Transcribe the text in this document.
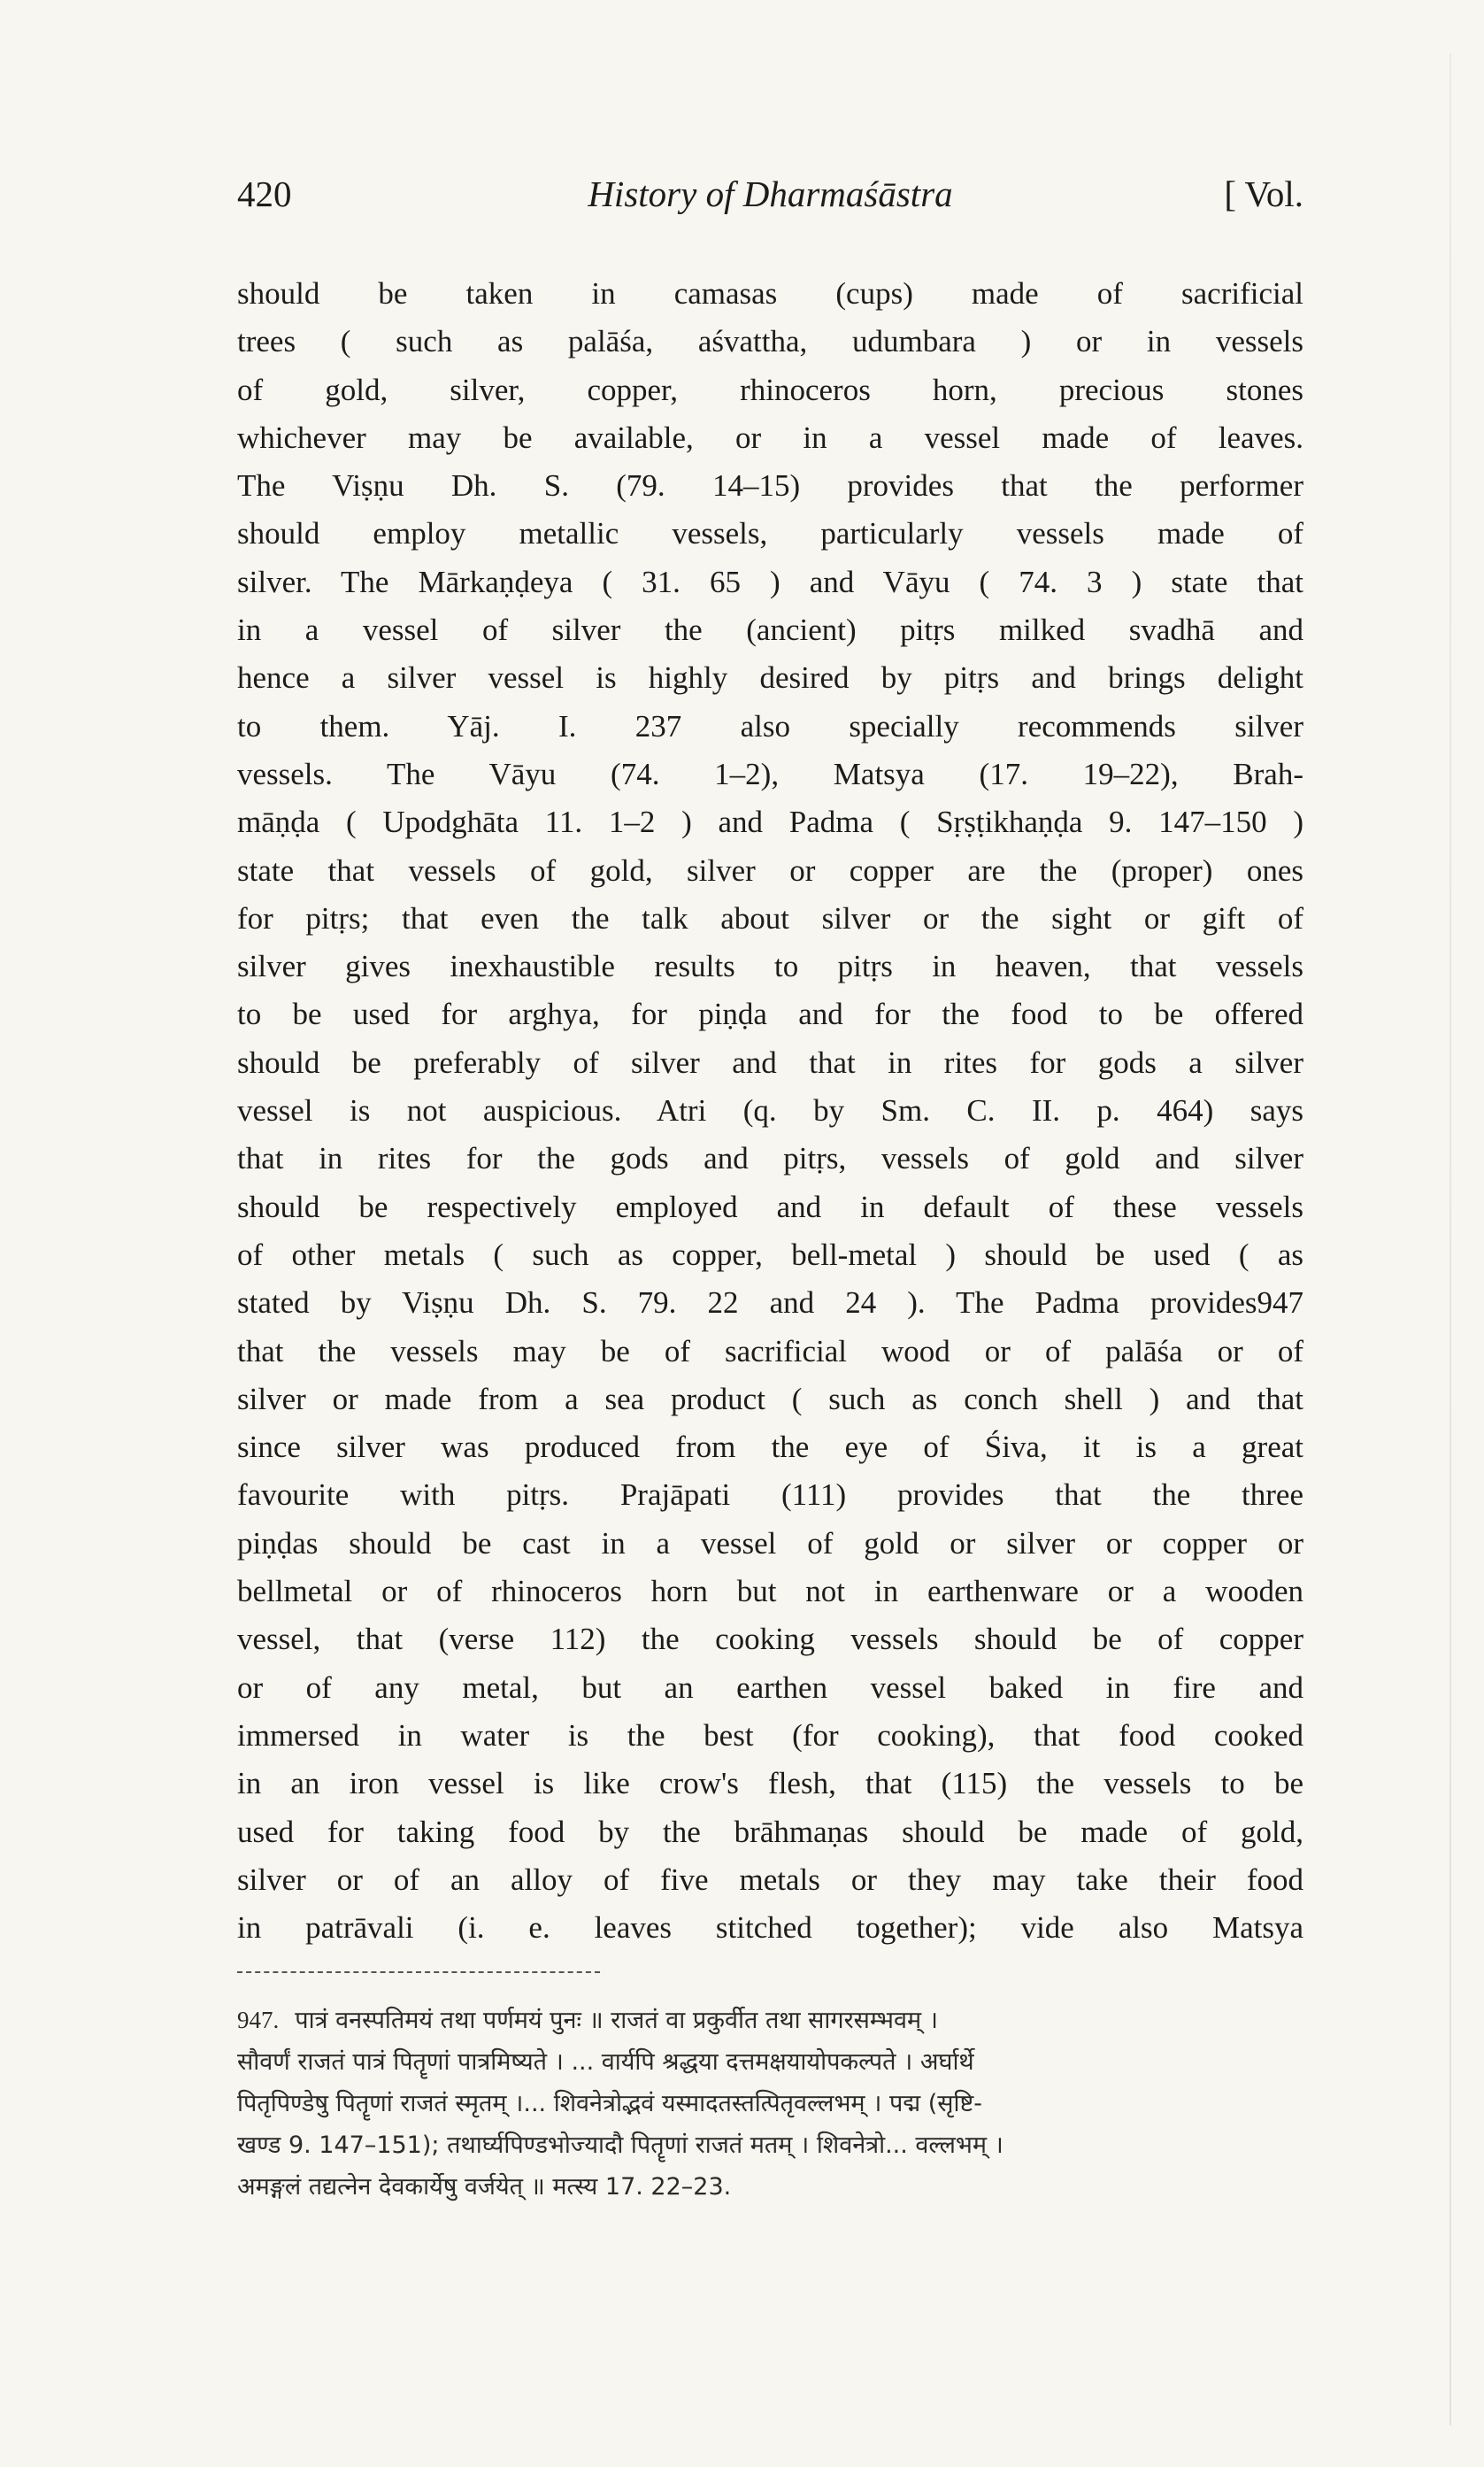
420	History of Dharmaśāstra	[ Vol.
should be taken in camasas (cups) made of sacrificial
trees ( such as palāśa, aśvattha, udumbara ) or in vessels
of gold, silver, copper, rhinoceros horn, precious stones
whichever may be available, or in a vessel made of leaves.
The Viṣṇu Dh. S. (79. 14–15) provides that the performer
should employ metallic vessels, particularly vessels made of
silver. The Mārkaṇḍeya ( 31. 65 ) and Vāyu ( 74. 3 ) state that
in a vessel of silver the (ancient) pitṛs milked svadhā and
hence a silver vessel is highly desired by pitṛs and brings delight
to them. Yāj. I. 237 also specially recommends silver
vessels. The Vāyu (74. 1–2), Matsya (17. 19–22), Brah-
māṇḍa ( Upodghāta 11. 1–2 ) and Padma ( Sṛṣṭikhaṇḍa 9. 147–150 )
state that vessels of gold, silver or copper are the (proper) ones
for pitṛs; that even the talk about silver or the sight or gift of
silver gives inexhaustible results to pitṛs in heaven, that vessels
to be used for arghya, for piṇḍa and for the food to be offered
should be preferably of silver and that in rites for gods a silver
vessel is not auspicious. Atri (q. by Sm. C. II. p. 464) says
that in rites for the gods and pitṛs, vessels of gold and silver
should be respectively employed and in default of these vessels
of other metals ( such as copper, bell-metal ) should be used ( as
stated by Viṣṇu Dh. S. 79. 22 and 24 ). The Padma provides947
that the vessels may be of sacrificial wood or of palāśa or of
silver or made from a sea product ( such as conch shell ) and that
since silver was produced from the eye of Śiva, it is a great
favourite with pitṛs. Prajāpati (111) provides that the three
piṇḍas should be cast in a vessel of gold or silver or copper or
bellmetal or of rhinoceros horn but not in earthenware or a wooden
vessel, that (verse 112) the cooking vessels should be of copper
or of any metal, but an earthen vessel baked in fire and
immersed in water is the best (for cooking), that food cooked
in an iron vessel is like crow's flesh, that (115) the vessels to be
used for taking food by the brāhmaṇas should be made of gold,
silver or of an alloy of five metals or they may take their food
in patrāvali (i. e. leaves stitched together); vide also Matsya
947. पात्रं वनस्पतिमयं तथा पर्णमयं पुनः ॥ राजतं वा प्रकुर्वीत तथा सागरसम्भवम् ।
सौवर्णं राजतं पात्रं पितॄणां पात्रमिष्यते । ... वार्यपि श्रद्धया दत्तमक्षयायोपकल्पते । अर्घार्थे
पितृपिण्डेषु पितॄणां राजतं स्मृतम् ।... शिवनेत्रोद्भवं यस्मादतस्तत्पितृवल्लभम् । पद्म (सृष्टि-
खण्ड 9. 147–151); तथार्घ्यपिण्डभोज्यादौ पितॄणां राजतं मतम् । शिवनेत्रो... वल्लभम् ।
अमङ्गलं तद्यत्नेन देवकार्येषु वर्जयेत् ॥ मत्स्य 17. 22–23.
